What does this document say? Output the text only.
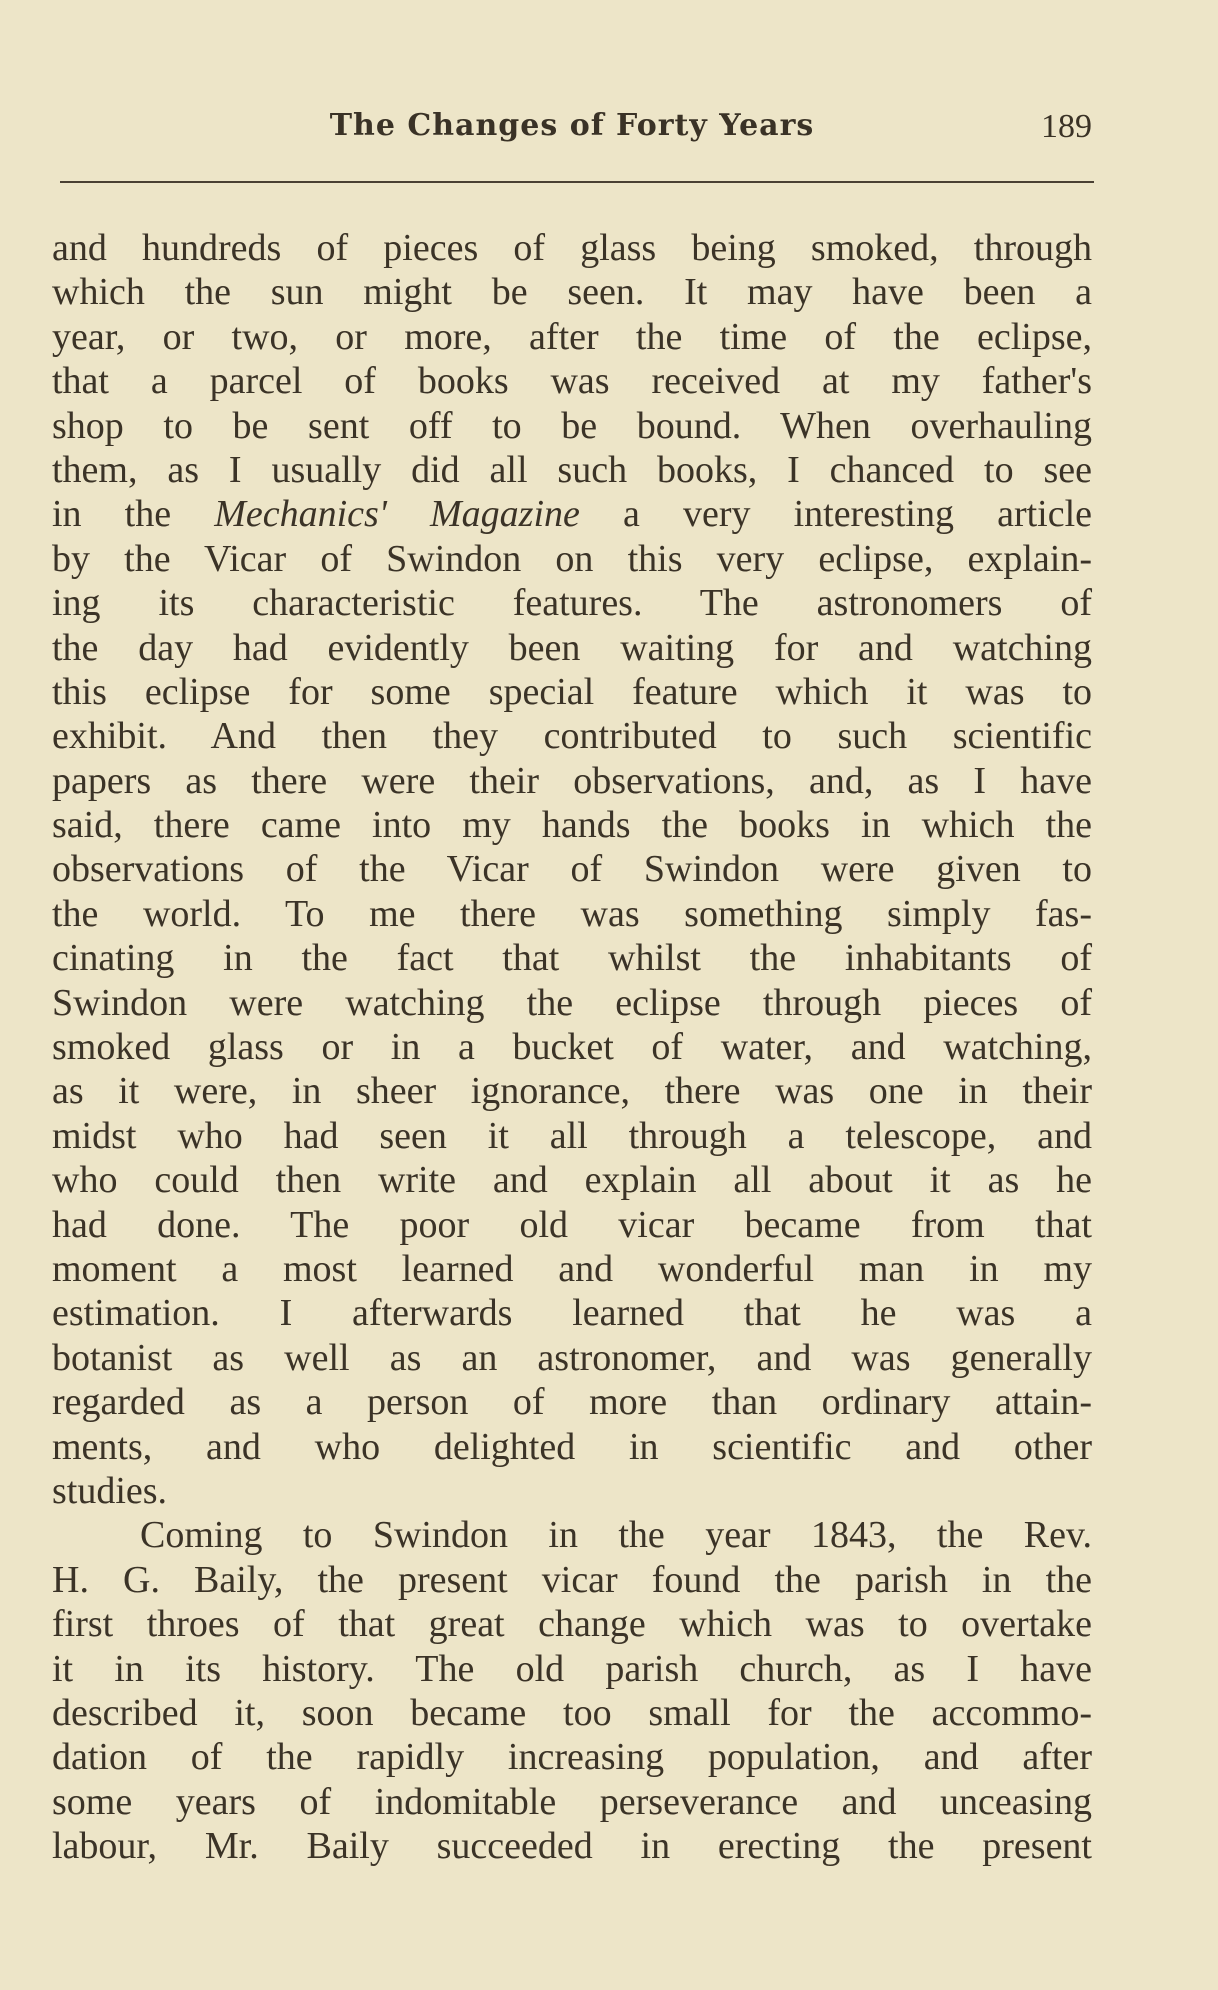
The Changes of Forty Years	189
and hundreds of pieces of glass being smoked, through
which the sun might be seen. It may have been a
year, or two, or more, after the time of the eclipse,
that a parcel of books was received at my father's
shop to be sent off to be bound. When overhauling
them, as I usually did all such books, I chanced to see
in the Mechanics' Magazine a very interesting article
by the Vicar of Swindon on this very eclipse, explain-
ing its characteristic features. The astronomers of
the day had evidently been waiting for and watching
this eclipse for some special feature which it was to
exhibit. And then they contributed to such scientific
papers as there were their observations, and, as I have
said, there came into my hands the books in which the
observations of the Vicar of Swindon were given to
the world. To me there was something simply fas-
cinating in the fact that whilst the inhabitants of
Swindon were watching the eclipse through pieces of
smoked glass or in a bucket of water, and watching,
as it were, in sheer ignorance, there was one in their
midst who had seen it all through a telescope, and
who could then write and explain all about it as he
had done. The poor old vicar became from that
moment a most learned and wonderful man in my
estimation. I afterwards learned that he was a
botanist as well as an astronomer, and was generally
regarded as a person of more than ordinary attain-
ments, and who delighted in scientific and other
studies.
Coming to Swindon in the year 1843, the Rev.
H. G. Baily, the present vicar found the parish in the
first throes of that great change which was to overtake
it in its history. The old parish church, as I have
described it, soon became too small for the accommo-
dation of the rapidly increasing population, and after
some years of indomitable perseverance and unceasing
labour, Mr. Baily succeeded in erecting the present
